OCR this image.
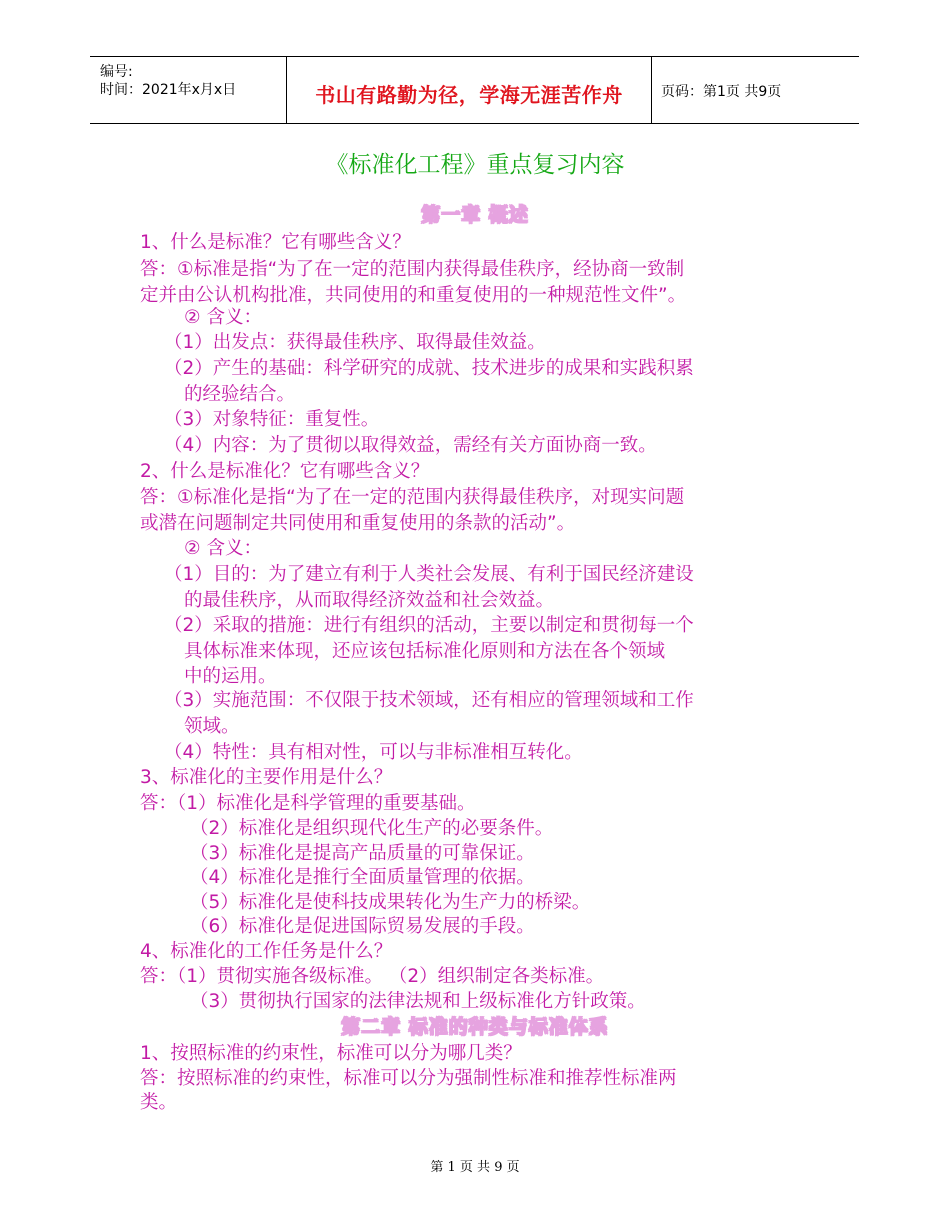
编号:
时间：2021年x月x日	书山有路勤为径，学海无涯苦作舟	页码：第1页 共9页
《标准化工程》重点复习内容
第一章 概述
1、什么是标准？它有哪些含义？
答：①标准是指“为了在一定的范围内获得最佳秩序，经协商一致制
定并由公认机构批准，共同使用的和重复使用的一种规范性文件”。
② 含义：
（1）出发点：获得最佳秩序、取得最佳效益。
（2）产生的基础：科学研究的成就、技术进步的成果和实践积累
的经验结合。
（3）对象特征：重复性。
（4）内容：为了贯彻以取得效益，需经有关方面协商一致。
2、什么是标准化？它有哪些含义？
答：①标准化是指“为了在一定的范围内获得最佳秩序，对现实问题
或潜在问题制定共同使用和重复使用的条款的活动”。
② 含义：
（1）目的：为了建立有利于人类社会发展、有利于国民经济建设
的最佳秩序，从而取得经济效益和社会效益。
（2）采取的措施：进行有组织的活动，主要以制定和贯彻每一个
具体标准来体现，还应该包括标准化原则和方法在各个领域
中的运用。
（3）实施范围：不仅限于技术领域，还有相应的管理领域和工作
领域。
（4）特性：具有相对性，可以与非标准相互转化。
3、标准化的主要作用是什么？
答：（1）标准化是科学管理的重要基础。
（2）标准化是组织现代化生产的必要条件。
（3）标准化是提高产品质量的可靠保证。
（4）标准化是推行全面质量管理的依据。
（5）标准化是使科技成果转化为生产力的桥梁。
（6）标准化是促进国际贸易发展的手段。
4、标准化的工作任务是什么？
答：（1）贯彻实施各级标准。 （2）组织制定各类标准。
（3）贯彻执行国家的法律法规和上级标准化方针政策。
第二章 标准的种类与标准体系
1、按照标准的约束性，标准可以分为哪几类？
答：按照标准的约束性，标准可以分为强制性标准和推荐性标准两
类。
第 1 页 共 9 页
